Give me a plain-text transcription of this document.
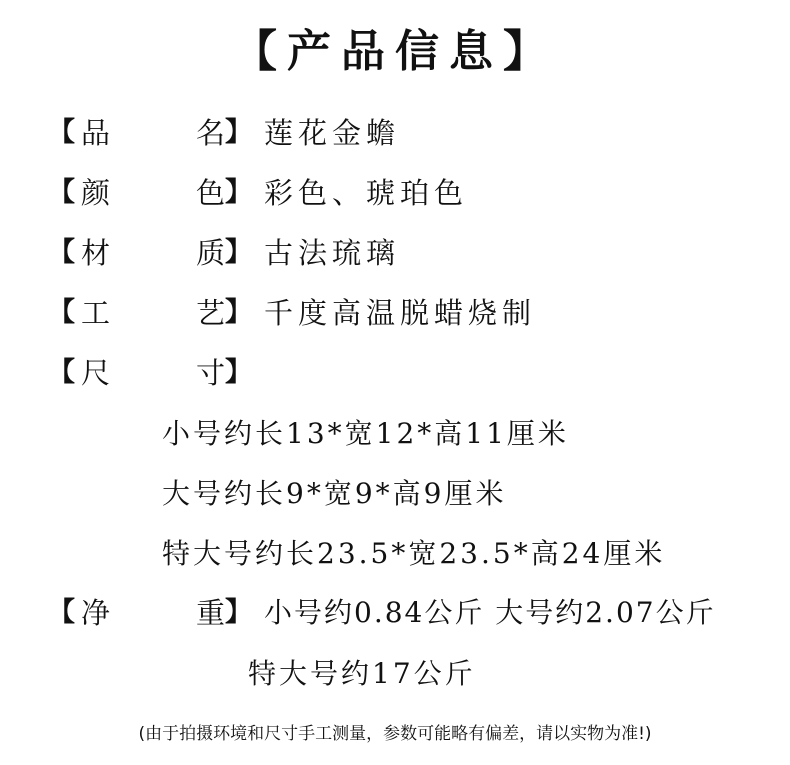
【产品信息】
【 品	名 】 莲花金蟾
【 颜	色 】 彩色、琥珀色
【 材	质 】 古法琉璃
【 工	艺 】 千度高温脱蜡烧制
【 尺	寸 】
小号约长13*宽12*高11厘米
大号约长9*宽9*高9厘米
特大号约长23.5*宽23.5*高24厘米
【 净	重 】 小号约0.84公斤 大号约2.07公斤
特大号约17公斤
(由于拍摄环境和尺寸手工测量，参数可能略有偏差，请以实物为准!)
